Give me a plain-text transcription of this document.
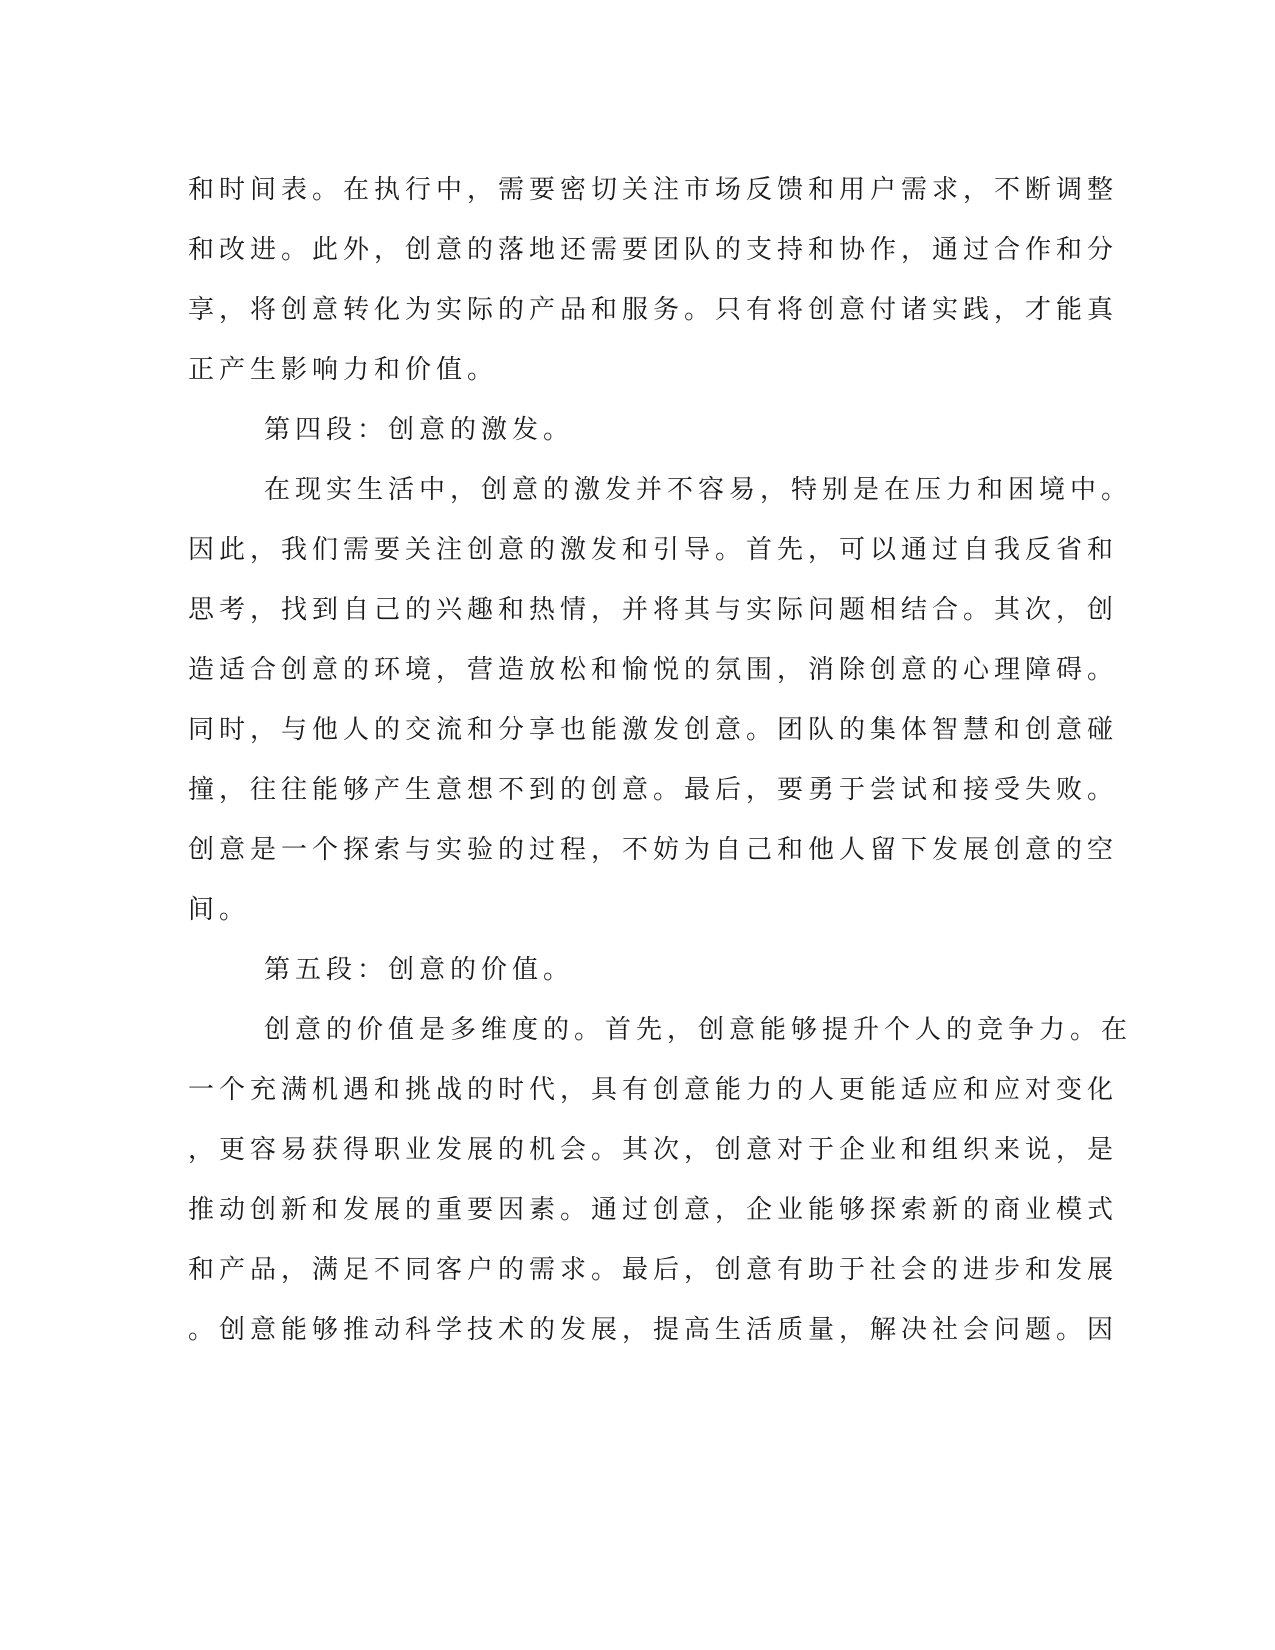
和时间表。在执行中，需要密切关注市场反馈和用户需求，不断调整
和改进。此外，创意的落地还需要团队的支持和协作，通过合作和分
享，将创意转化为实际的产品和服务。只有将创意付诸实践，才能真
正产生影响力和价值。
第四段：创意的激发。
在现实生活中，创意的激发并不容易，特别是在压力和困境中。
因此，我们需要关注创意的激发和引导。首先，可以通过自我反省和
思考，找到自己的兴趣和热情，并将其与实际问题相结合。其次，创
造适合创意的环境，营造放松和愉悦的氛围，消除创意的心理障碍。
同时，与他人的交流和分享也能激发创意。团队的集体智慧和创意碰
撞，往往能够产生意想不到的创意。最后，要勇于尝试和接受失败。
创意是一个探索与实验的过程，不妨为自己和他人留下发展创意的空
间。
第五段：创意的价值。
创意的价值是多维度的。首先，创意能够提升个人的竞争力。在
一个充满机遇和挑战的时代，具有创意能力的人更能适应和应对变化
，更容易获得职业发展的机会。其次，创意对于企业和组织来说，是
推动创新和发展的重要因素。通过创意，企业能够探索新的商业模式
和产品，满足不同客户的需求。最后，创意有助于社会的进步和发展
。创意能够推动科学技术的发展，提高生活质量，解决社会问题。因
